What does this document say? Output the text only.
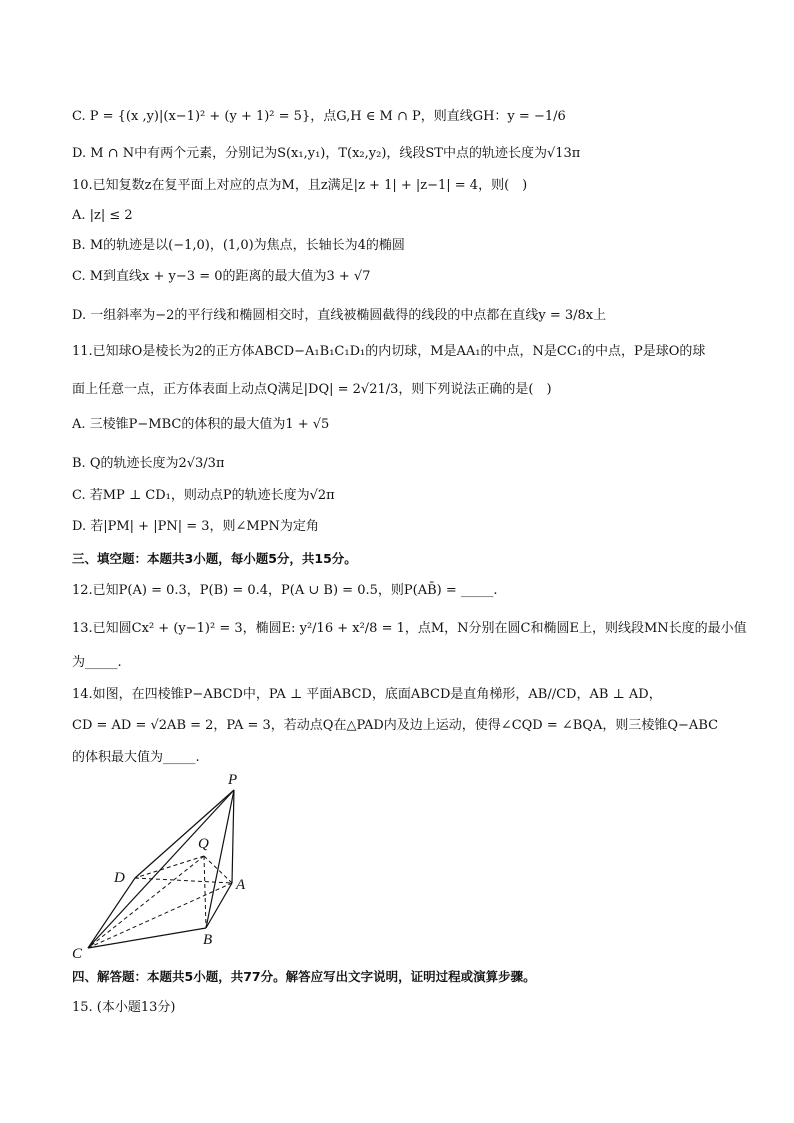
C. P = {(x ,y)|(x−1)² + (y + 1)² = 5}，点G,H ∈ M ∩ P，则直线GH：y = −1/6
D. M ∩ N中有两个元素，分别记为S(x₁,y₁)，T(x₂,y₂)，线段ST中点的轨迹长度为√13π
10.已知复数z在复平面上对应的点为M，且z满足|z + 1| + |z−1| = 4，则(　)
A. |z| ≤ 2
B. M的轨迹是以(−1,0)，(1,0)为焦点，长轴长为4的椭圆
C. M到直线x + y−3 = 0的距离的最大值为3 + √7
D. 一组斜率为−2的平行线和椭圆相交时，直线被椭圆截得的线段的中点都在直线y = 3/8x上
11.已知球O是棱长为2的正方体ABCD−A₁B₁C₁D₁的内切球，M是AA₁的中点，N是CC₁的中点，P是球O的球
面上任意一点，正方体表面上动点Q满足|DQ| = 2√21/3，则下列说法正确的是(　)
A. 三棱锥P−MBC的体积的最大值为1 + √5
B. Q的轨迹长度为2√3/3π
C. 若MP ⊥ CD₁，则动点P的轨迹长度为√2π
D. 若|PM| + |PN| = 3，则∠MPN为定角
三、填空题：本题共3小题，每小题5分，共15分。
12.已知P(A) = 0.3，P(B) = 0.4，P(A ∪ B) = 0.5，则P(AB̄) = _____.
13.已知圆Cx² + (y−1)² = 3，椭圆E: y²/16 + x²/8 = 1，点M，N分别在圆C和椭圆E上，则线段MN长度的最小值
为_____.
14.如图，在四棱锥P−ABCD中，PA ⊥ 平面ABCD，底面ABCD是直角梯形，AB//CD，AB ⊥ AD，
CD = AD = √2AB = 2，PA = 3，若动点Q在△PAD内及边上运动，使得∠CQD = ∠BQA，则三棱锥Q−ABC
的体积最大值为_____.
P
Q
D	A
B
C
四、解答题：本题共5小题，共77分。解答应写出文字说明，证明过程或演算步骤。
15. (本小题13分)
